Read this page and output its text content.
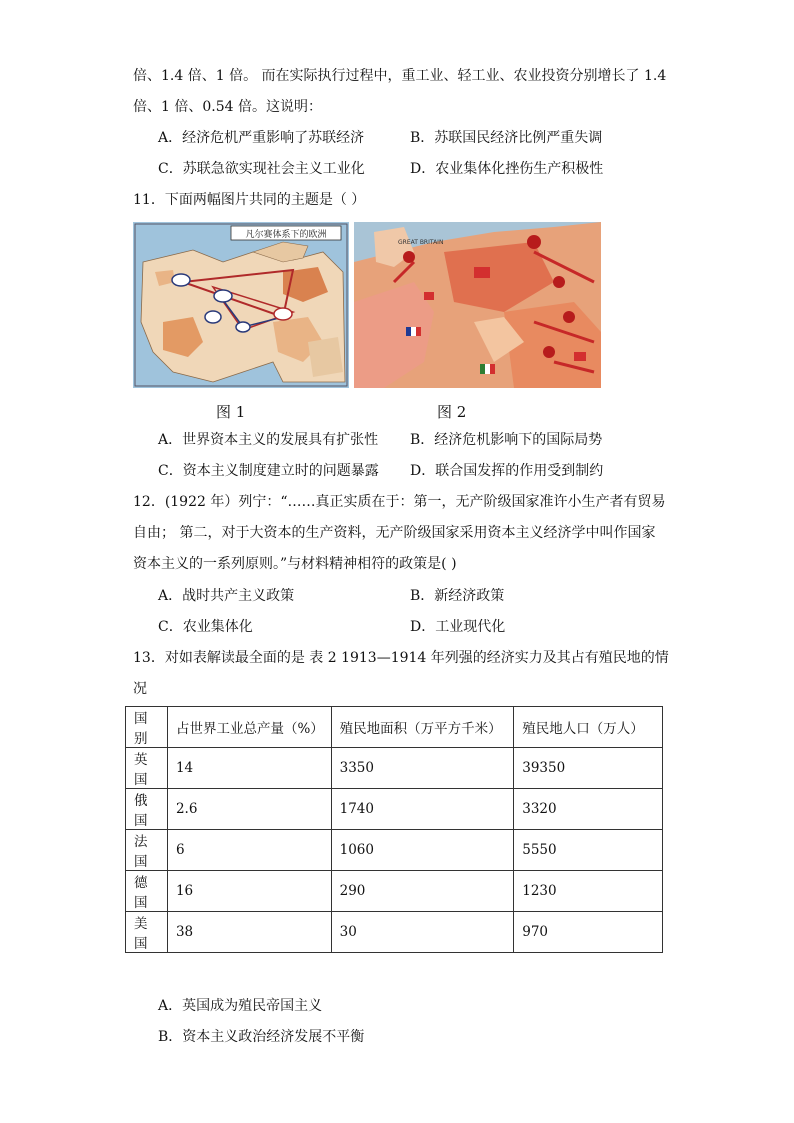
倍、1.4 倍、1 倍。 而在实际执行过程中，重工业、轻工业、农业投资分别增长了 1.4
倍、1 倍、0.54 倍。这说明：
A．经济危机严重影响了苏联经济	B．苏联国民经济比例严重失调
C．苏联急欲实现社会主义工业化	D．农业集体化挫伤生产积极性
11．下面两幅图片共同的主题是（ ）
凡尔赛体系下的欧洲
GREAT BRITAIN
图 1	图 2
A．世界资本主义的发展具有扩张性 B．经济危机影响下的国际局势
C．资本主义制度建立时的问题暴露 D．联合国发挥的作用受到制约
12．(1922 年）列宁：“……真正实质在于：第一，无产阶级国家准许小生产者有贸易
自由； 第二，对于大资本的生产资料，无产阶级国家采用资本主义经济学中叫作国家
资本主义的一系列原则。”与材料精神相符的政策是( )
A．战时共产主义政策	B．新经济政策
C．农业集体化	D．工业现代化
13．对如表解读最全面的是 表 2 1913—1914 年列强的经济实力及其占有殖民地的情
况
国别	占世界工业总产量（%）	殖民地面积（万平方千米）	殖民地人口（万人）
英国	14	3350	39350
俄国	2.6	1740	3320
法国	6	1060	5550
德国	16	290	1230
美国	38	30	970
A．英国成为殖民帝国主义
B．资本主义政治经济发展不平衡
